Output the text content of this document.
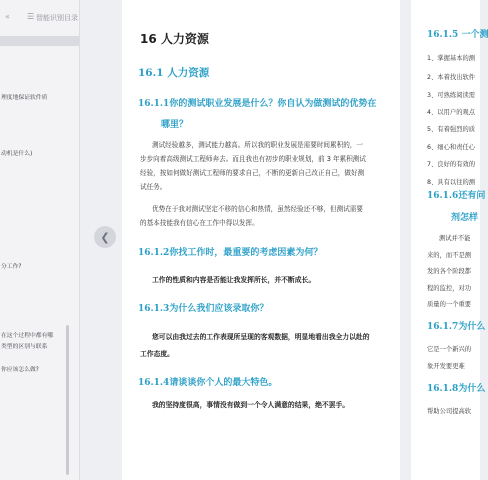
« ☰ 智能识别目录
理度地保证软件质
动机是什么)
分工作?
在这个过程中都有哪
类型的区别与联系
你应该怎么做?
❮
16 人力资源
16.1 人力资源
16.1.1你的测试职业发展是什么？你自认为做测试的优势在
哪里？
测试经验越多，测试能力越高。所以我的职业发展是需要时间累积的，一
步步向着高级测试工程师奔去。而且我也有初步的职业规划，前 3 年累积测试
经验，按如何做好测试工程师的要求自己，不断的更新自己改正自己，做好测
试任务。
优势在于我对测试坚定不移的信心和热情，虽然经验还不够，但测试需要
的基本技能我有信心在工作中得以发挥。
16.1.2你找工作时，最重要的考虑因素为何？
工作的性质和内容是否能让我发挥所长，并不断成长。
16.1.3为什么我们应该录取你？
您可以由我过去的工作表现所呈现的客观数据，明显地看出我全力以赴的
工作态度。
16.1.4请谈谈你个人的最大特色。
我的坚持度很高，事情没有做到一个令人满意的结果，绝不罢手。
16.1.5 一个测
1、掌握基本的测
2、本着找出软件
3、可熟练阅读需
4、以用户的观点
5、有着强烈的质
6、细心和责任心
7、良好的有效的
8、具有以往的测
16.1.6还有问
剂怎样
测试并不能
来的，而不是测
发的各个阶段都
程的监控，对功
质量的一个重要
16.1.7为什么
它是一个新兴的
象开发要更难
16.1.8为什么
帮助公司提高软
